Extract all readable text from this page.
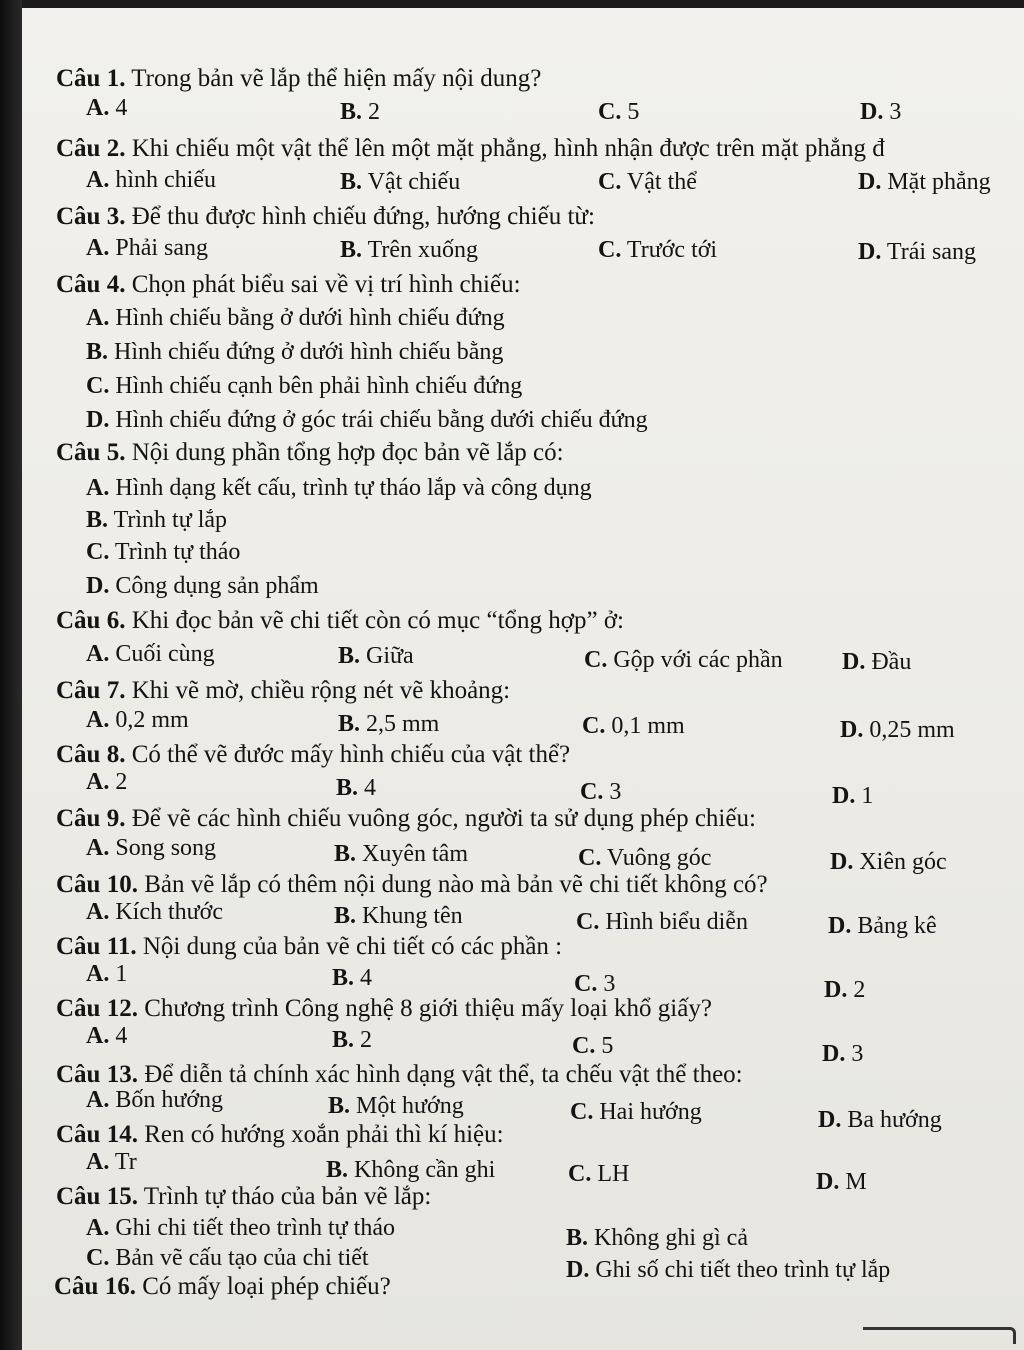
Câu 1. Trong bản vẽ lắp thể hiện mấy nội dung?
A. 4	B. 2	C. 5	D. 3
Câu 2. Khi chiếu một vật thể lên một mặt phẳng, hình nhận được trên mặt phẳng đ
A. hình chiếu	B. Vật chiếu	C. Vật thể	D. Mặt phẳng
Câu 3. Để thu được hình chiếu đứng, hướng chiếu từ:
A. Phải sang	B. Trên xuống	C. Trước tới	D. Trái sang
Câu 4. Chọn phát biểu sai về vị trí hình chiếu:
A. Hình chiếu bằng ở dưới hình chiếu đứng
B. Hình chiếu đứng ở dưới hình chiếu bằng
C. Hình chiếu cạnh bên phải hình chiếu đứng
D. Hình chiếu đứng ở góc trái chiếu bằng dưới chiếu đứng
Câu 5. Nội dung phần tổng hợp đọc bản vẽ lắp có:
A. Hình dạng kết cấu, trình tự tháo lắp và công dụng
B. Trình tự lắp
C. Trình tự tháo
D. Công dụng sản phẩm
Câu 6. Khi đọc bản vẽ chi tiết còn có mục “tổng hợp” ở:
A. Cuối cùng	B. Giữa	C. Gộp với các phần D. Đầu
Câu 7. Khi vẽ mờ, chiều rộng nét vẽ khoảng:
A. 0,2 mm	B. 2,5 mm	C. 0,1 mm	D. 0,25 mm
Câu 8. Có thể vẽ đước mấy hình chiếu của vật thể?
A. 2	B. 4	C. 3	D. 1
Câu 9. Để vẽ các hình chiếu vuông góc, người ta sử dụng phép chiếu:
A. Song song	B. Xuyên tâm	C. Vuông góc	D. Xiên góc
Câu 10. Bản vẽ lắp có thêm nội dung nào mà bản vẽ chi tiết không có?
A. Kích thước	B. Khung tên	C. Hình biểu diễn	D. Bảng kê
Câu 11. Nội dung của bản vẽ chi tiết có các phần :
A. 1	B. 4	C. 3	D. 2
Câu 12. Chương trình Công nghệ 8 giới thiệu mấy loại khổ giấy?
A. 4	B. 2	C. 5	D. 3
Câu 13. Để diễn tả chính xác hình dạng vật thể, ta chếu vật thể theo:
A. Bốn hướng	B. Một hướng	C. Hai hướng	D. Ba hướng
Câu 14. Ren có hướng xoắn phải thì kí hiệu:
A. Tr	B. Không cần ghi	C. LH	D. M
Câu 15. Trình tự tháo của bản vẽ lắp:
A. Ghi chi tiết theo trình tự tháo	B. Không ghi gì cả
C. Bản vẽ cấu tạo của chi tiết	D. Ghi số chi tiết theo trình tự lắp
Câu 16. Có mấy loại phép chiếu?
